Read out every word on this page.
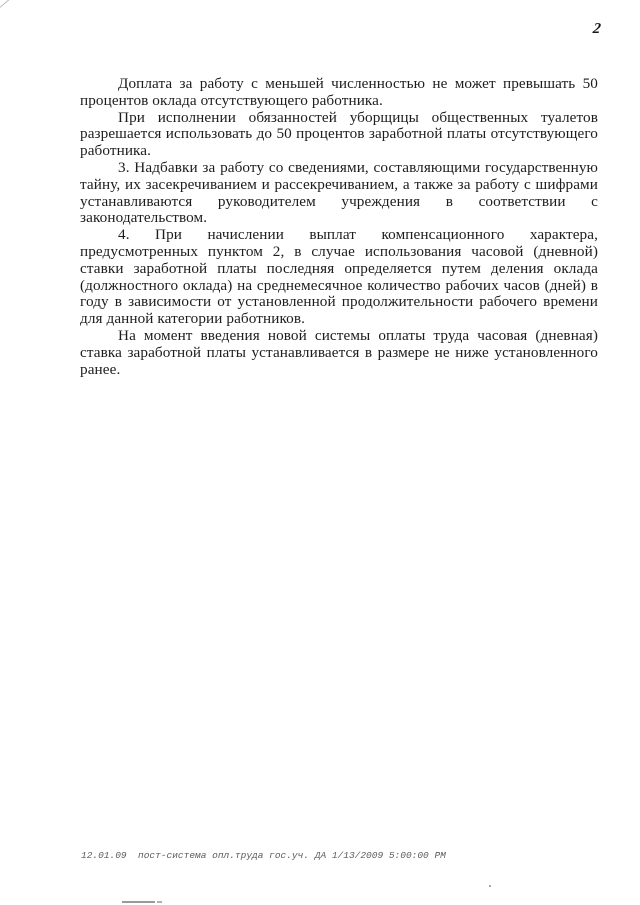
2

Доплата за работу с меньшей численностью не может превышать 50 процентов оклада отсутствующего работника.

При исполнении обязанностей уборщицы общественных туалетов разрешается использовать до 50 процентов заработной платы отсутствующего работника.

3. Надбавки за работу со сведениями, составляющими государственную тайну, их засекречиванием и рассекречиванием, а также за работу с шифрами устанавливаются руководителем учреждения в соответствии с законодательством.

4. При начислении выплат компенсационного характера, предусмотренных пунктом 2, в случае использования часовой (дневной) ставки заработной платы последняя определяется путем деления оклада (должностного оклада) на среднемесячное количество рабочих часов (дней) в году в зависимости от установленной продолжительности рабочего времени для данной категории работников.

На момент введения новой системы оплаты труда часовая (дневная) ставка заработной платы устанавливается в размере не ниже установленного ранее.

12.01.09  пост-система опл.труда гос.уч. ДА 1/13/2009 5:00:00 PM
